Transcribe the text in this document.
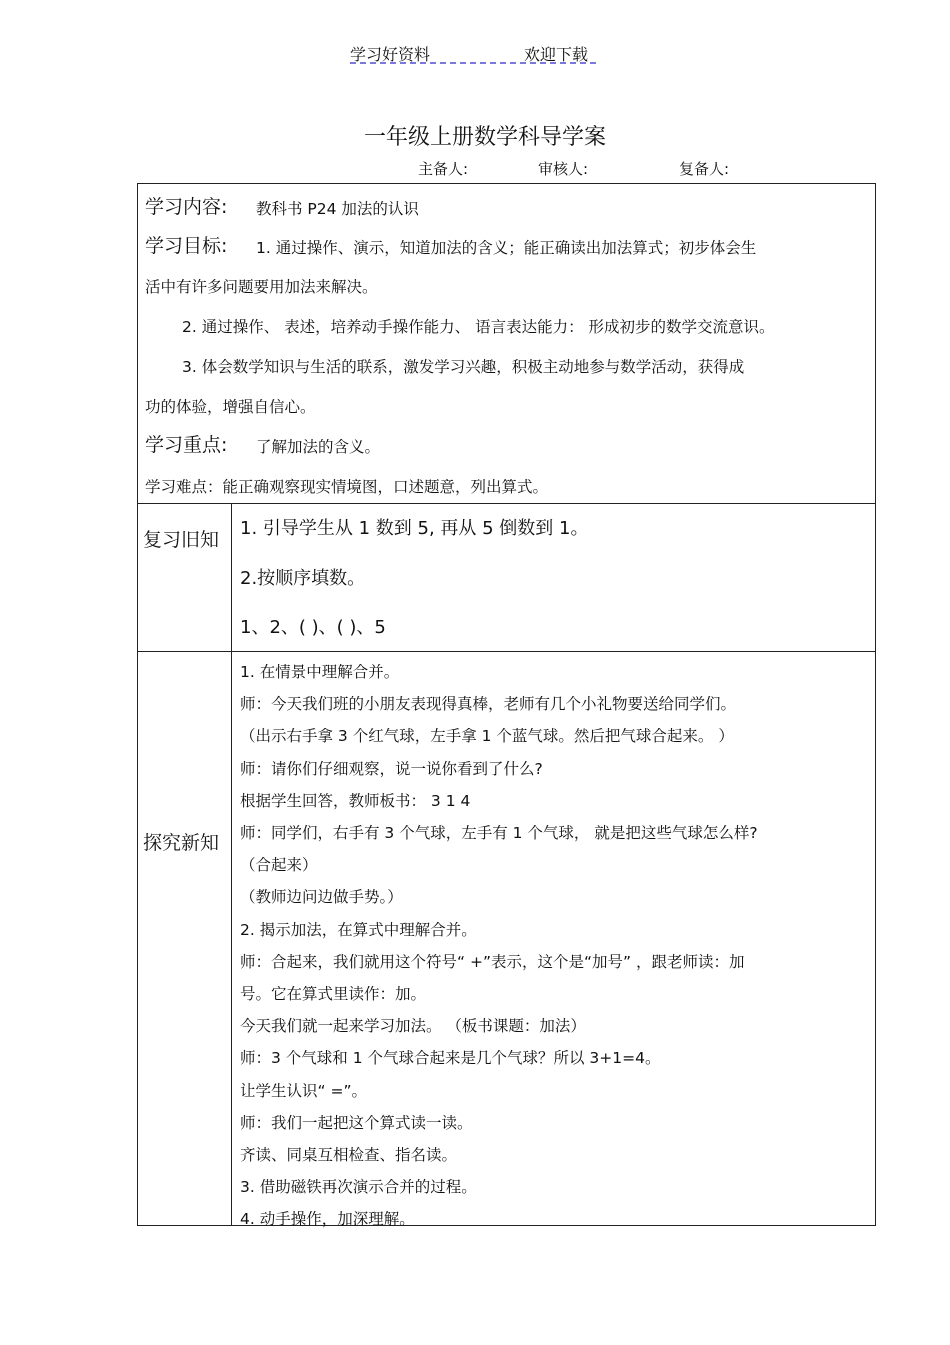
学习好资料	欢迎下载
一年级上册数学科导学案
主备人:	审核人:	复备人:
学习内容: 教科书 P24 加法的认识
学习目标: 1. 通过操作、演示，知道加法的含义；能正确读出加法算式；初步体会生
活中有许多问题要用加法来解决。
2. 通过操作、 表述，培养动手操作能力、 语言表达能力： 形成初步的数学交流意识。
3. 体会数学知识与生活的联系，激发学习兴趣，积极主动地参与数学活动，获得成
功的体验，增强自信心。
学习重点: 了解加法的含义。
学习难点：能正确观察现实情境图，口述题意，列出算式。
复习旧知
1. 引导学生从 1 数到 5, 再从 5 倒数到 1。
2.按顺序填数。
1、2、( )、( )、5
探究新知
1. 在情景中理解合并。
师：今天我们班的小朋友表现得真棒，老师有几个小礼物要送给同学们。
（出示右手拿 3 个红气球，左手拿 1 个蓝气球。然后把气球合起来。 ）
师：请你们仔细观察，说一说你看到了什么?
根据学生回答，教师板书： 3 1 4
师：同学们，右手有 3 个气球，左手有 1 个气球， 就是把这些气球怎么样?
（合起来）
（教师边问边做手势。）
2. 揭示加法，在算式中理解合并。
师：合起来，我们就用这个符号“ +”表示，这个是“加号” ，跟老师读：加
号。它在算式里读作：加。
今天我们就一起来学习加法。 （板书课题：加法）
师：3 个气球和 1 个气球合起来是几个气球？所以 3+1=4。
让学生认识“ =”。
师：我们一起把这个算式读一读。
齐读、同桌互相检查、指名读。
3. 借助磁铁再次演示合并的过程。
4. 动手操作，加深理解。
